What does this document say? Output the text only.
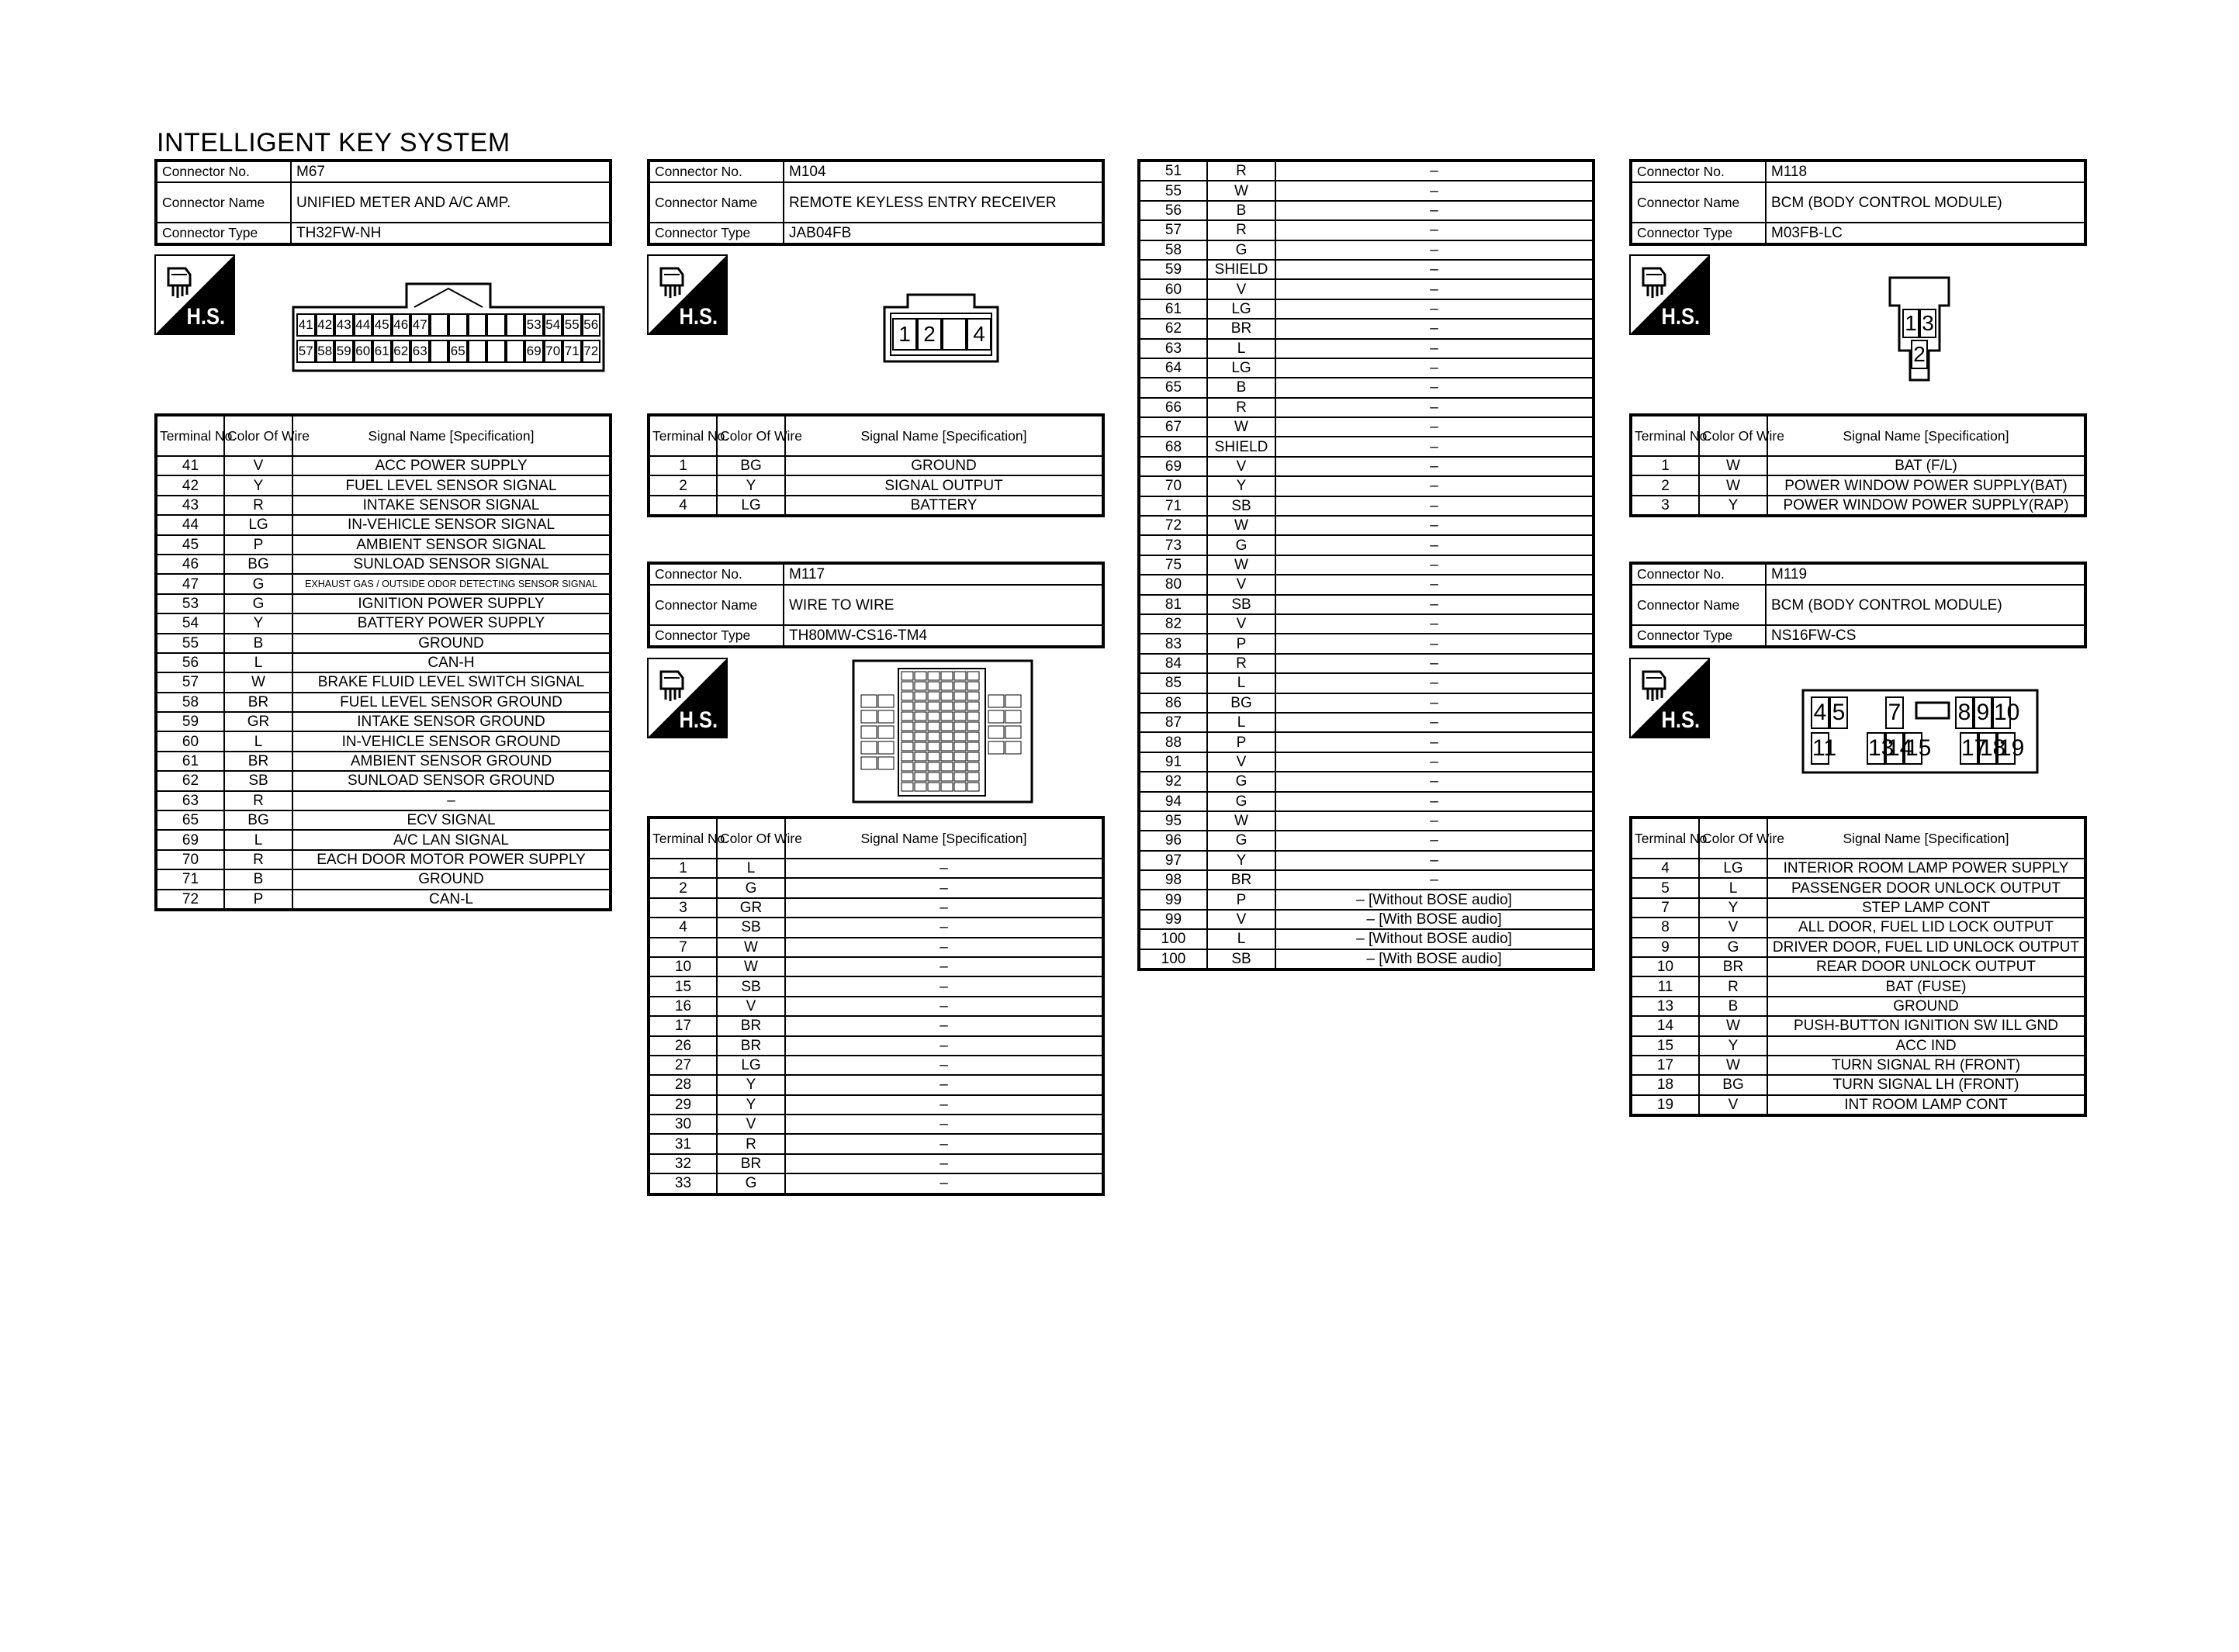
INTELLIGENT KEY SYSTEM
Connector No.	M67
Connector Name	UNIFIED METER AND A/C AMP.
Connector Type	TH32FW-NH
H.S.	41 42 43 44 45 46 47	53 54 55 56
57 58 59 60 61 62 63 65	69 70 71 72
Terminal No.	Color Of Wire	Signal Name [Specification]
41	V	ACC POWER SUPPLY
42	Y	FUEL LEVEL SENSOR SIGNAL
43	R	INTAKE SENSOR SIGNAL
44	LG	IN-VEHICLE SENSOR SIGNAL
45	P	AMBIENT SENSOR SIGNAL
46	BG	SUNLOAD SENSOR SIGNAL
47	G	EXHAUST GAS / OUTSIDE ODOR DETECTING SENSOR SIGNAL
53	G	IGNITION POWER SUPPLY
54	Y	BATTERY POWER SUPPLY
55	B	GROUND
56	L	CAN-H
57	W	BRAKE FLUID LEVEL SWITCH SIGNAL
58	BR	FUEL LEVEL SENSOR GROUND
59	GR	INTAKE SENSOR GROUND
60	L	IN-VEHICLE SENSOR GROUND
61	BR	AMBIENT SENSOR GROUND
62	SB	SUNLOAD SENSOR GROUND
63	R	–
65	BG	ECV SIGNAL
69	L	A/C LAN SIGNAL
70	R	EACH DOOR MOTOR POWER SUPPLY
71	B	GROUND
72	P	CAN-L
Connector No.	M104
Connector Name	REMOTE KEYLESS ENTRY RECEIVER
Connector Type	JAB04FB
H.S.
1 2 4
Terminal No.	Color Of Wire	Signal Name [Specification]
1	BG	GROUND
2	Y	SIGNAL OUTPUT
4	LG	BATTERY
Connector No.	M117
Connector Name	WIRE TO WIRE
Connector Type	TH80MW-CS16-TM4
H.S.
Terminal No.	Color Of Wire	Signal Name [Specification]
1	L	–
2	G	–
3	GR	–
4	SB	–
7	W	–
10	W	–
15	SB	–
16	V	–
17	BR	–
26	BR	–
27	LG	–
28	Y	–
29	Y	–
30	V	–
31	R	–
32	BR	–
33	G	–
51	R	–
55	W	–
56	B	–
57	R	–
58	G	–
59	SHIELD	–
60	V	–
61	LG	–
62	BR	–
63	L	–
64	LG	–
65	B	–
66	R	–
67	W	–
68	SHIELD	–
69	V	–
70	Y	–
71	SB	–
72	W	–
73	G	–
75	W	–
80	V	–
81	SB	–
82	V	–
83	P	–
84	R	–
85	L	–
86	BG	–
87	L	–
88	P	–
91	V	–
92	G	–
94	G	–
95	W	–
96	G	–
97	Y	–
98	BR	–
99	P	– [Without BOSE audio]
99	V	– [With BOSE audio]
100	L	– [Without BOSE audio]
100	SB	– [With BOSE audio]
Connector No.	M118
Connector Name	BCM (BODY CONTROL MODULE)
Connector Type	M03FB-LC
H.S.	1 3
2
Terminal No.	Color Of Wire	Signal Name [Specification]
1	W	BAT (F/L)
2	W	POWER WINDOW POWER SUPPLY(BAT)
3	Y	POWER WINDOW POWER SUPPLY(RAP)
Connector No.	M119
Connector Name	BCM (BODY CONTROL MODULE)
Connector Type	NS16FW-CS
H.S.	4 5 7 8 9 10
11 13
14
15 17
18
19
Terminal No.	Color Of Wire	Signal Name [Specification]
4	LG	INTERIOR ROOM LAMP POWER SUPPLY
5	L	PASSENGER DOOR UNLOCK OUTPUT
7	Y	STEP LAMP CONT
8	V	ALL DOOR, FUEL LID LOCK OUTPUT
9	G	DRIVER DOOR, FUEL LID UNLOCK OUTPUT
10	BR	REAR DOOR UNLOCK OUTPUT
11	R	BAT (FUSE)
13	B	GROUND
14	W	PUSH-BUTTON IGNITION SW ILL GND
15	Y	ACC IND
17	W	TURN SIGNAL RH (FRONT)
18	BG	TURN SIGNAL LH (FRONT)
19	V	INT ROOM LAMP CONT
